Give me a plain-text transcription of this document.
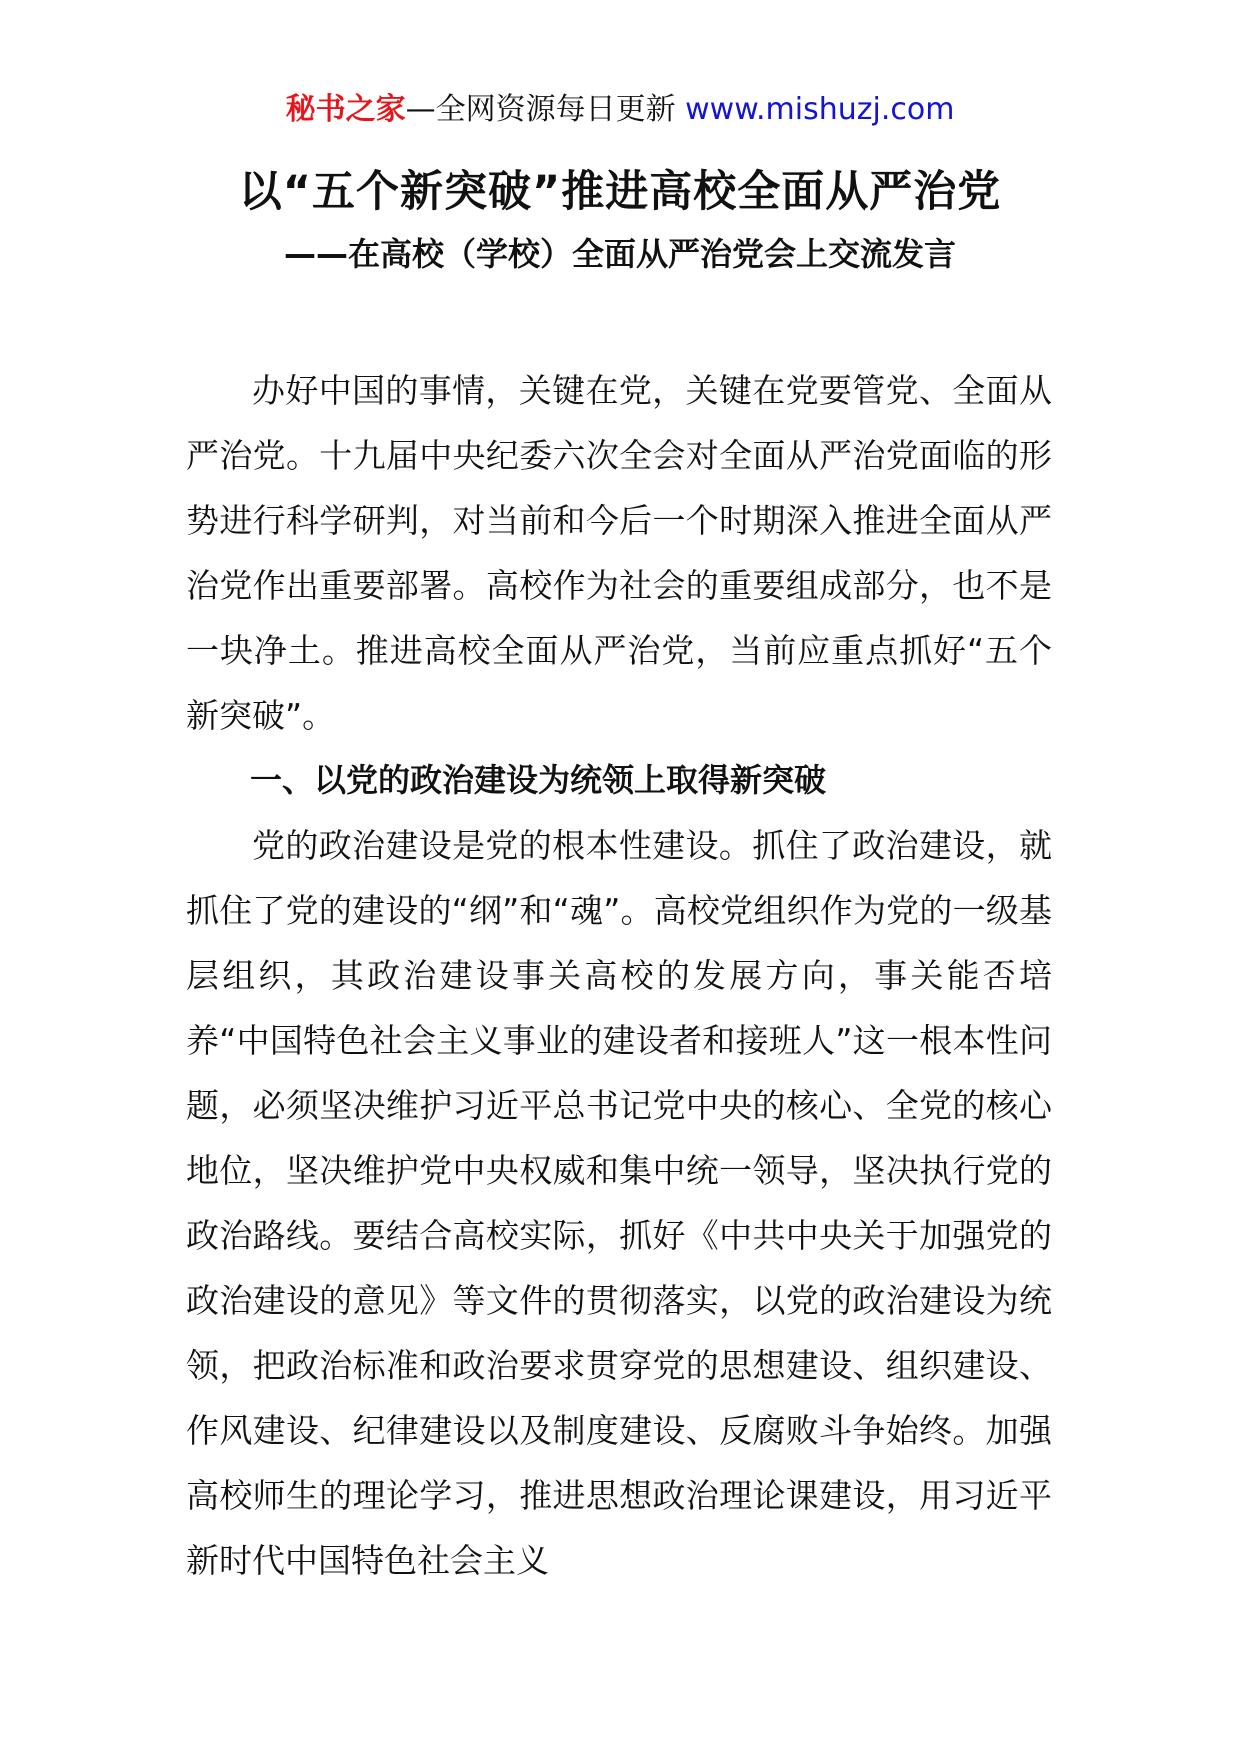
秘书之家—全网资源每日更新 www.mishuzj.com
以“五个新突破”推进高校全面从严治党
——在高校（学校）全面从严治党会上交流发言

办好中国的事情，关键在党，关键在党要管党、全面从严治党。十九届中央纪委六次全会对全面从严治党面临的形势进行科学研判，对当前和今后一个时期深入推进全面从严治党作出重要部署。高校作为社会的重要组成部分，也不是一块净土。推进高校全面从严治党，当前应重点抓好“五个新突破”。

一、以党的政治建设为统领上取得新突破

党的政治建设是党的根本性建设。抓住了政治建设，就抓住了党的建设的“纲”和“魂”。高校党组织作为党的一级基层组织，其政治建设事关高校的发展方向，事关能否培养“中国特色社会主义事业的建设者和接班人”这一根本性问题，必须坚决维护习近平总书记党中央的核心、全党的核心地位，坚决维护党中央权威和集中统一领导，坚决执行党的政治路线。要结合高校实际，抓好《中共中央关于加强党的政治建设的意见》等文件的贯彻落实，以党的政治建设为统领，把政治标准和政治要求贯穿党的思想建设、组织建设、作风建设、纪律建设以及制度建设、反腐败斗争始终。加强高校师生的理论学习，推进思想政治理论课建设，用习近平新时代中国特色社会主义
